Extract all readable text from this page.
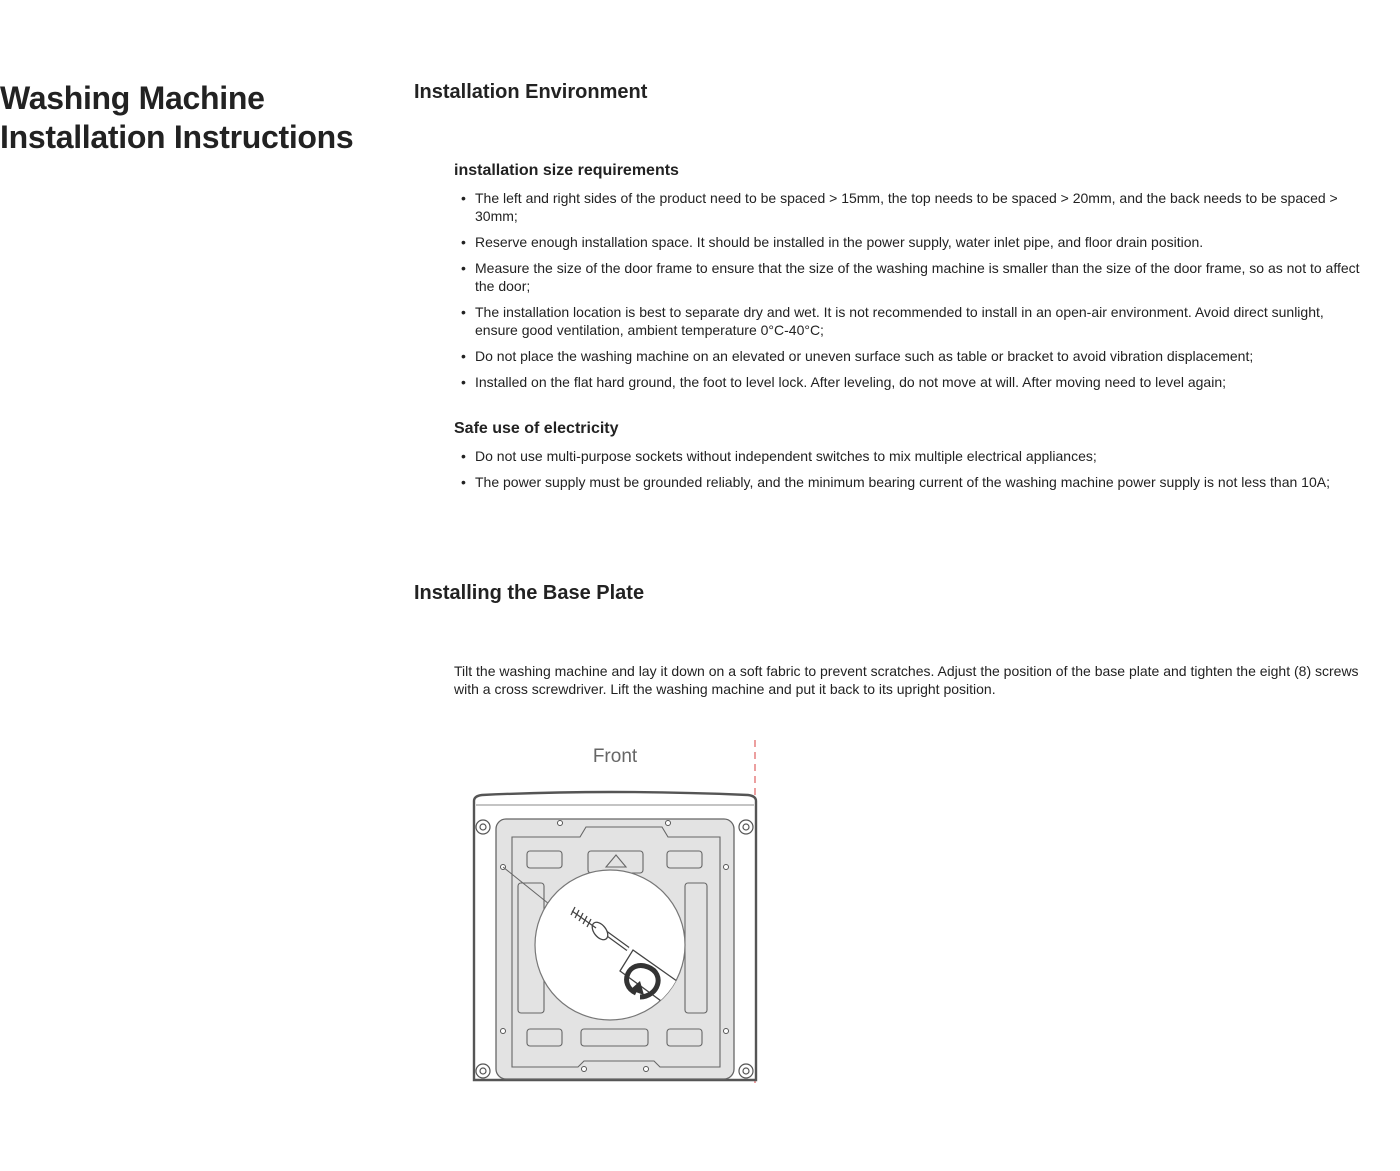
Washing Machine Installation Instructions
Installation Environment
installation size requirements
• The left and right sides of the product need to be spaced > 15mm, the top needs to be spaced > 20mm, and the back needs to be spaced > 30mm;
• Reserve enough installation space. It should be installed in the power supply, water inlet pipe, and floor drain position.
• Measure the size of the door frame to ensure that the size of the washing machine is smaller than the size of the door frame, so as not to affect the door;
• The installation location is best to separate dry and wet. It is not recommended to install in an open-air environment. Avoid direct sunlight, ensure good ventilation, ambient temperature 0°C-40°C;
• Do not place the washing machine on an elevated or uneven surface such as table or bracket to avoid vibration displacement;
• Installed on the flat hard ground, the foot to level lock. After leveling, do not move at will. After moving need to level again;
Safe use of electricity
• Do not use multi-purpose sockets without independent switches to mix multiple electrical appliances;
• The power supply must be grounded reliably, and the minimum bearing current of the washing machine power supply is not less than 10A;
Installing the Base Plate

Tilt the washing machine and lay it down on a soft fabric to prevent scratches. Adjust the position of the base plate and tighten the eight (8) screws with a cross screwdriver. Lift the washing machine and put it back to its upright position.

Front
